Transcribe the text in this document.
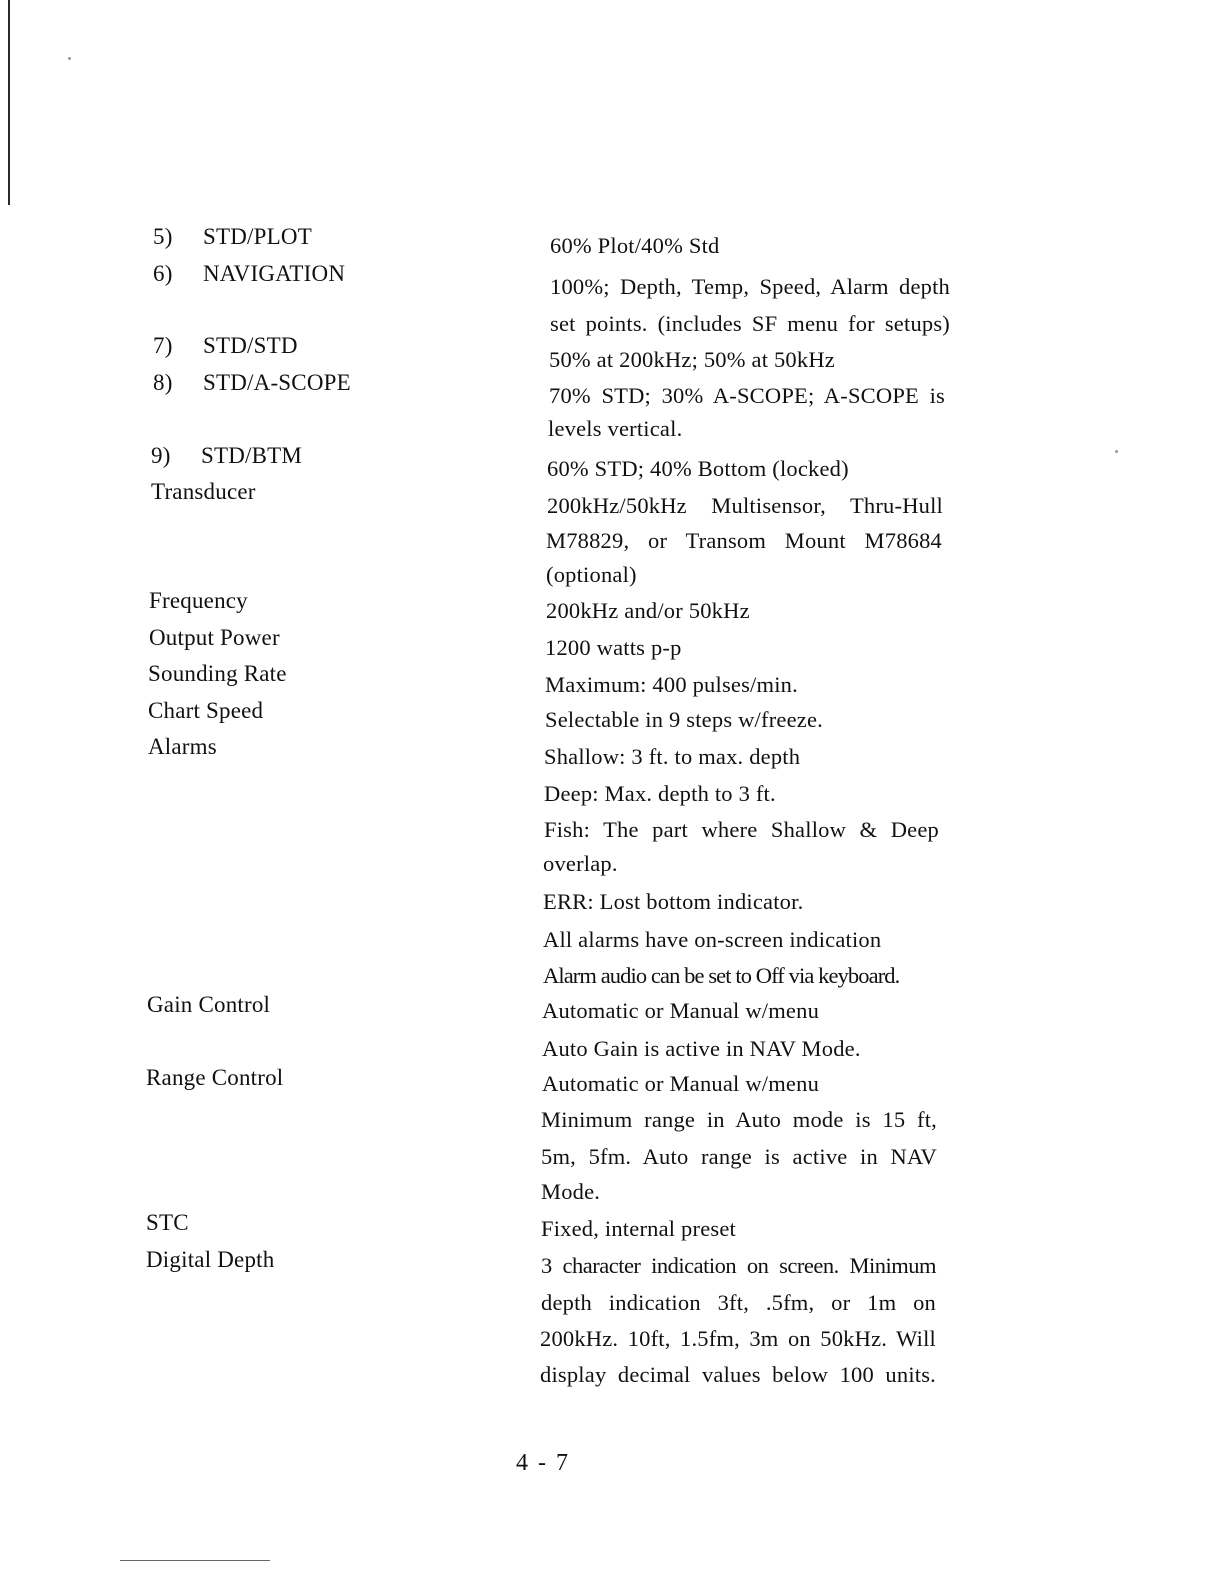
5) STD/PLOT
6) NAVIGATION
7) STD/STD
8) STD/A-SCOPE
9) STD/BTM
Transducer
Frequency
Output Power
Sounding Rate
Chart Speed
Alarms
Gain Control
Range Control
STC
Digital Depth
60% Plot/40% Std
100%; Depth, Temp, Speed, Alarm depth
set points. (includes SF menu for setups)
50% at 200kHz; 50% at 50kHz
70% STD; 30% A-SCOPE; A-SCOPE is
levels vertical.
60% STD; 40% Bottom (locked)
200kHz/50kHz Multisensor, Thru-Hull
M78829, or Transom Mount M78684
(optional)
200kHz and/or 50kHz
1200 watts p-p
Maximum: 400 pulses/min.
Selectable in 9 steps w/freeze.
Shallow: 3 ft. to max. depth
Deep: Max. depth to 3 ft.
Fish: The part where Shallow & Deep
overlap.
ERR: Lost bottom indicator.
All alarms have on-screen indication
Alarm audio can be set to Off via keyboard.
Automatic or Manual w/menu
Auto Gain is active in NAV Mode.
Automatic or Manual w/menu
Minimum range in Auto mode is 15 ft,
5m, 5fm. Auto range is active in NAV
Mode.
Fixed, internal preset
3 character indication on screen. Minimum
depth indication 3ft, .5fm, or 1m on
200kHz. 10ft, 1.5fm, 3m on 50kHz. Will
display decimal values below 100 units.
4 - 7
